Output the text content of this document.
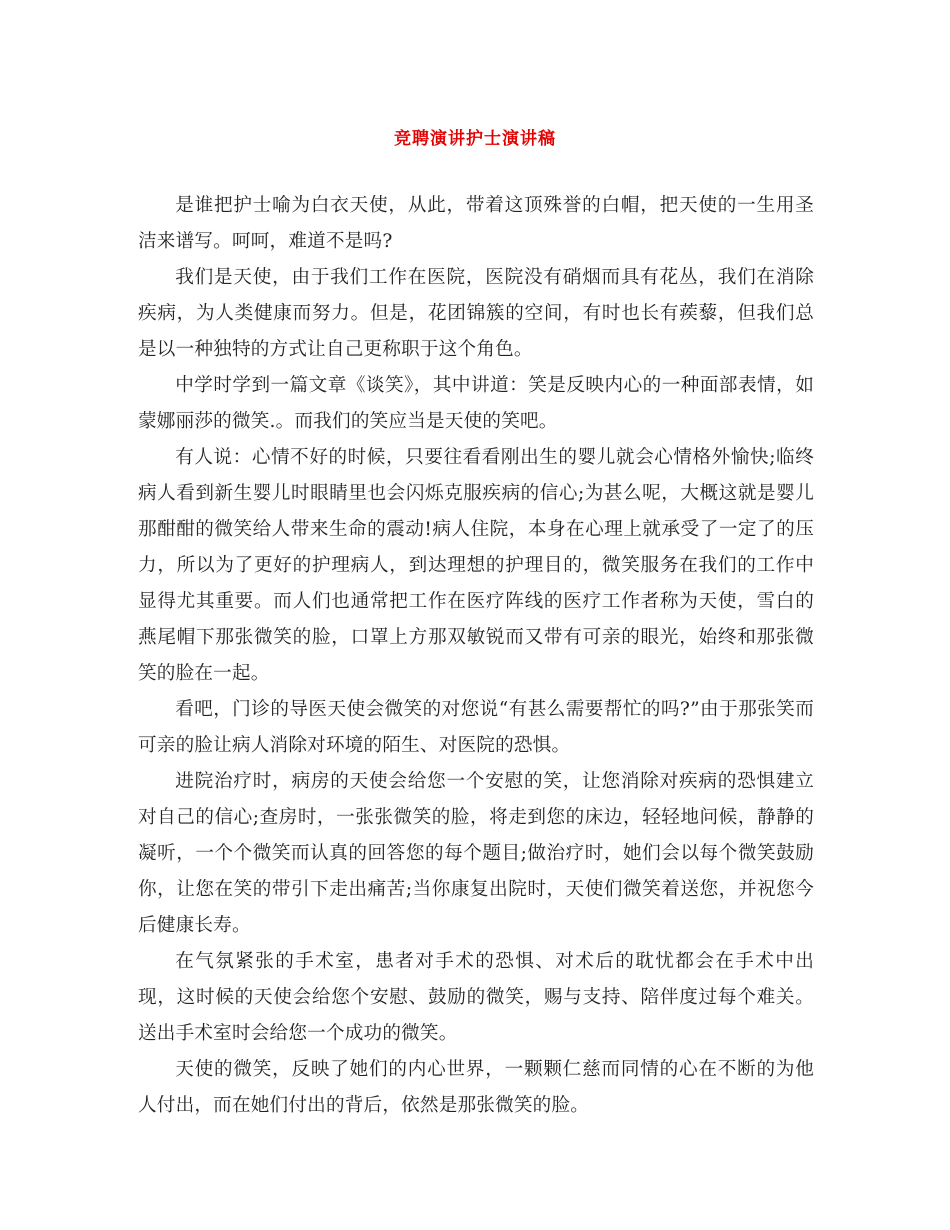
竞聘演讲护士演讲稿

是谁把护士喻为白衣天使，从此，带着这顶殊誉的白帽，把天使的一生用圣洁来谱写。呵呵，难道不是吗?

我们是天使，由于我们工作在医院，医院没有硝烟而具有花丛，我们在消除疾病，为人类健康而努力。但是，花团锦簇的空间，有时也长有蒺藜，但我们总是以一种独特的方式让自己更称职于这个角色。

中学时学到一篇文章《谈笑》，其中讲道：笑是反映内心的一种面部表情，如蒙娜丽莎的微笑.。而我们的笑应当是天使的笑吧。

有人说：心情不好的时候，只要往看看刚出生的婴儿就会心情格外愉快;临终病人看到新生婴儿时眼睛里也会闪烁克服疾病的信心;为甚么呢，大概这就是婴儿那酣酣的微笑给人带来生命的震动!病人住院，本身在心理上就承受了一定了的压力，所以为了更好的护理病人，到达理想的护理目的，微笑服务在我们的工作中显得尤其重要。而人们也通常把工作在医疗阵线的医疗工作者称为天使，雪白的燕尾帽下那张微笑的脸，口罩上方那双敏锐而又带有可亲的眼光，始终和那张微笑的脸在一起。

看吧，门诊的导医天使会微笑的对您说“有甚么需要帮忙的吗?”由于那张笑而可亲的脸让病人消除对环境的陌生、对医院的恐惧。

进院治疗时，病房的天使会给您一个安慰的笑，让您消除对疾病的恐惧建立对自己的信心;查房时，一张张微笑的脸，将走到您的床边，轻轻地问候，静静的凝听，一个个微笑而认真的回答您的每个题目;做治疗时，她们会以每个微笑鼓励你，让您在笑的带引下走出痛苦;当你康复出院时，天使们微笑着送您，并祝您今后健康长寿。

在气氛紧张的手术室，患者对手术的恐惧、对术后的耽忧都会在手术中出现，这时候的天使会给您个安慰、鼓励的微笑，赐与支持、陪伴度过每个难关。送出手术室时会给您一个成功的微笑。

天使的微笑，反映了她们的内心世界，一颗颗仁慈而同情的心在不断的为他人付出，而在她们付出的背后，依然是那张微笑的脸。
